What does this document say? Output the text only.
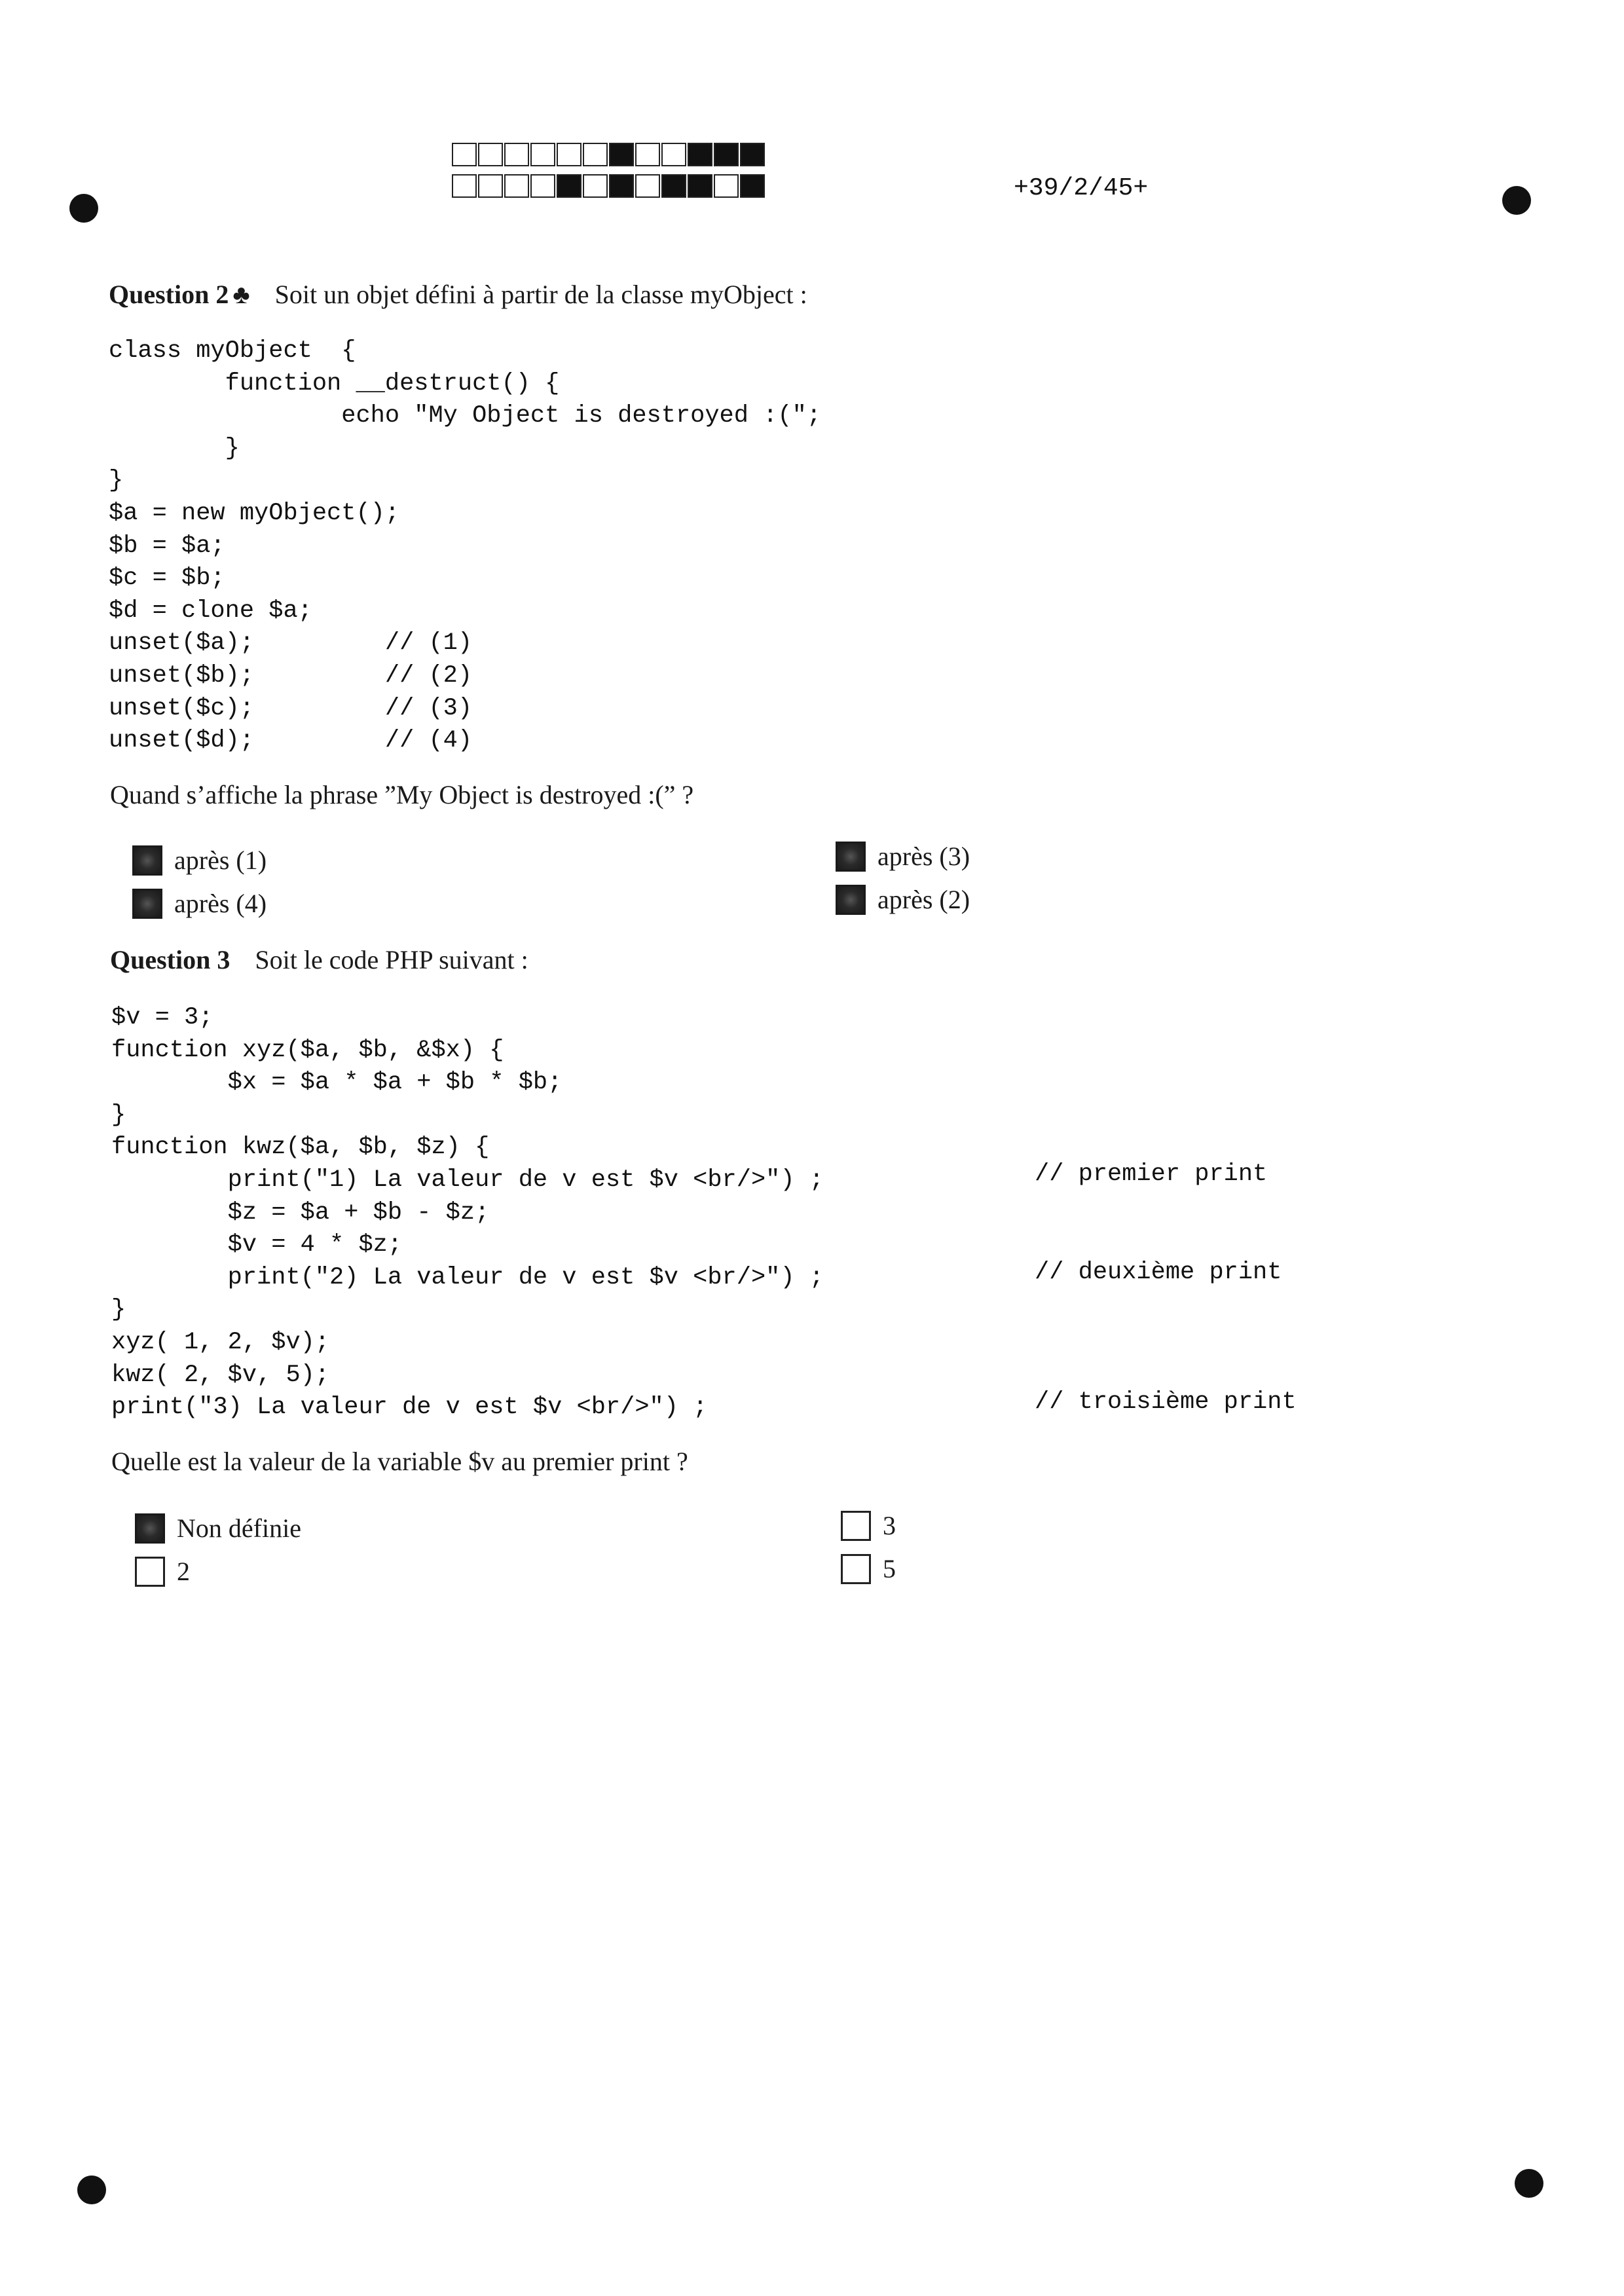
+39/2/45+
Question 2 ♣ Soit un objet défini à partir de la classe myObject :
class myObject  {
function __destruct() {
echo "My Object is destroyed :(";
}
}
$a = new myObject();
$b = $a;
$c = $b;
$d = clone $a;
unset($a);         // (1)
unset($b);         // (2)
unset($c);         // (3)
unset($d);         // (4)
Quand s’affiche la phrase ”My Object is destroyed :(” ?
après (1)
après (4)
après (3)
après (2)
Question 3 Soit le code PHP suivant :
$v = 3;
function xyz($a, $b, &$x) {
$x = $a * $a + $b * $b;
}
function kwz($a, $b, $z) {
print("1) La valeur de v est $v <br/>") ;
$z = $a + $b - $z;
$v = 4 * $z;
print("2) La valeur de v est $v <br/>") ;
}
xyz( 1, 2, $v);
kwz( 2, $v, 5);
print("3) La valeur de v est $v <br/>") ;
// premier print
// deuxième print
// troisième print
Quelle est la valeur de la variable $v au premier print ?
Non définie
2
3
5
